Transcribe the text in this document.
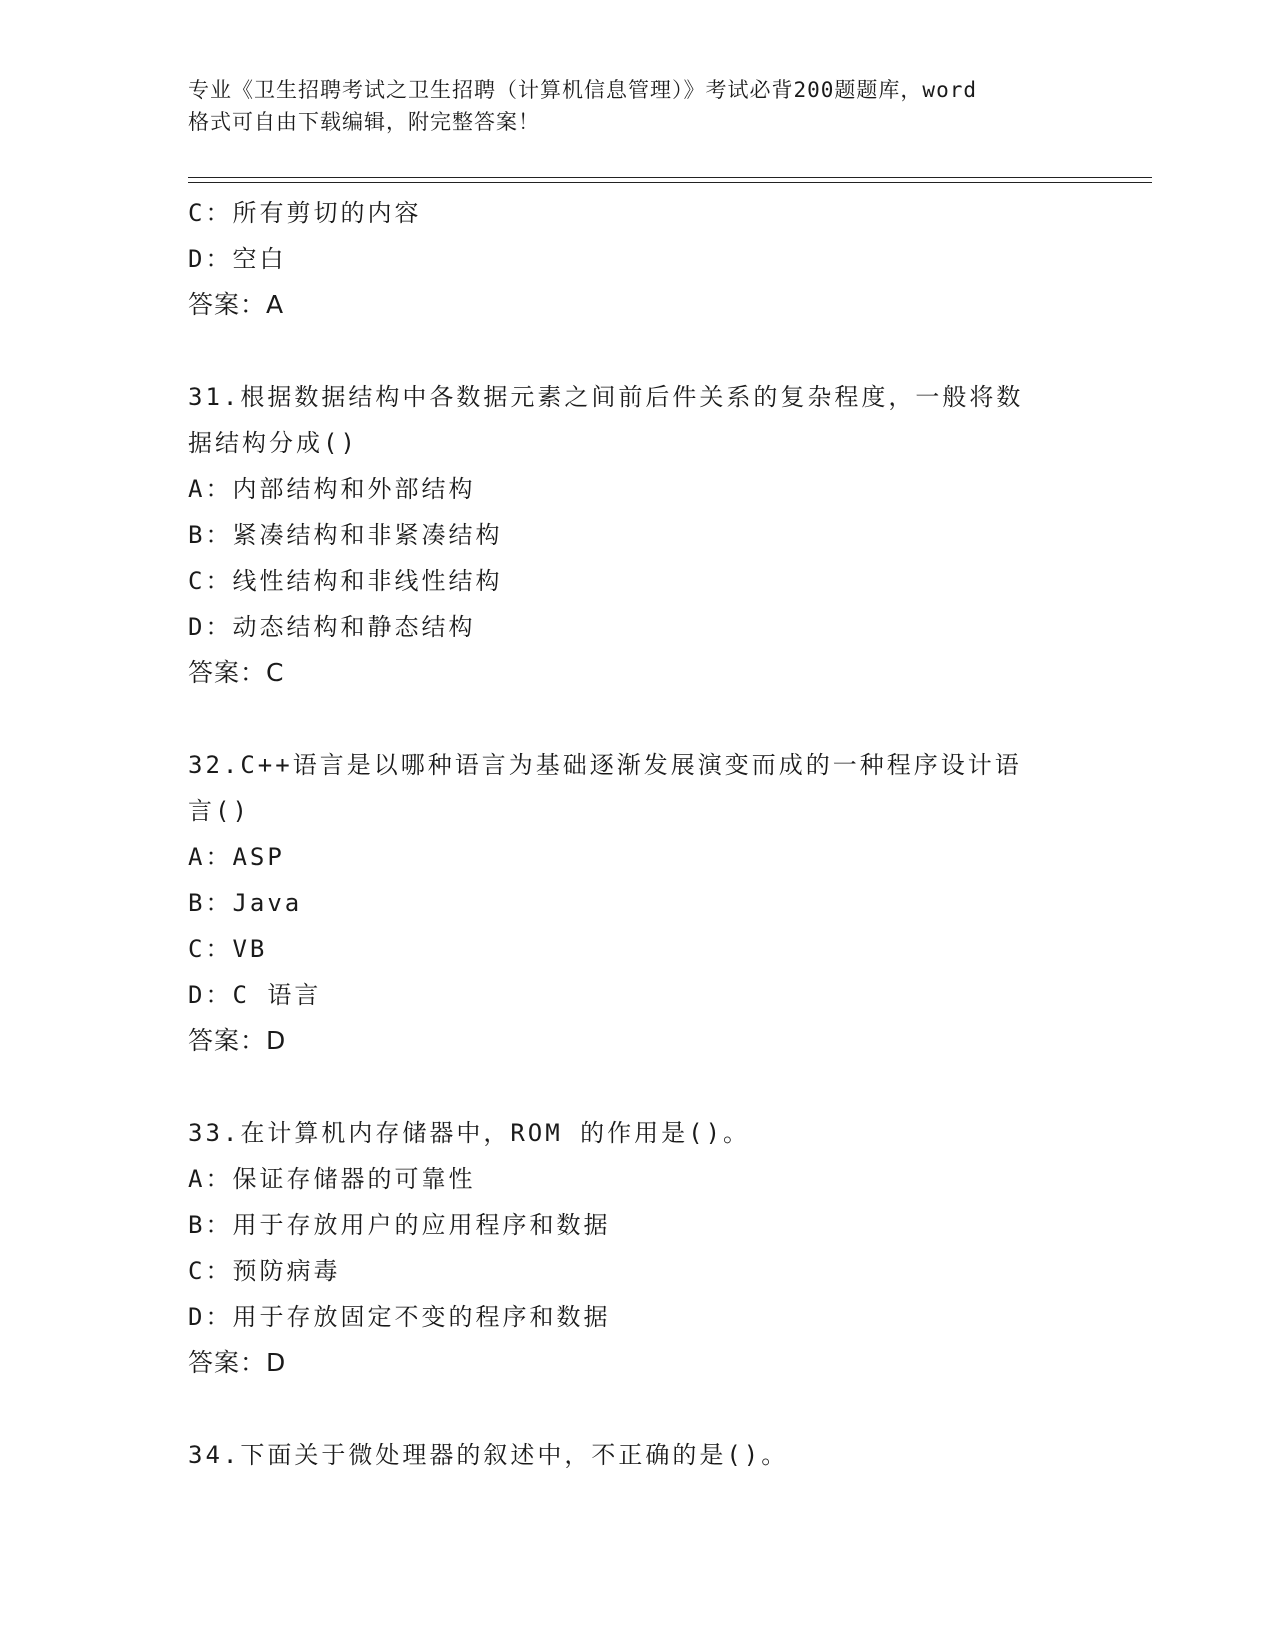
专业《卫生招聘考试之卫生招聘（计算机信息管理）》考试必背200题题库，word
格式可自由下载编辑，附完整答案！
C：所有剪切的内容
D：空白
答案：A
31.根据数据结构中各数据元素之间前后件关系的复杂程度，一般将数
据结构分成()
A：内部结构和外部结构
B：紧凑结构和非紧凑结构
C：线性结构和非线性结构
D：动态结构和静态结构
答案：C
32.C++语言是以哪种语言为基础逐渐发展演变而成的一种程序设计语
言()
A：ASP
B：Java
C：VB
D：C 语言
答案：D
33.在计算机内存储器中，ROM 的作用是()。
A：保证存储器的可靠性
B：用于存放用户的应用程序和数据
C：预防病毒
D：用于存放固定不变的程序和数据
答案：D
34.下面关于微处理器的叙述中，不正确的是()。
